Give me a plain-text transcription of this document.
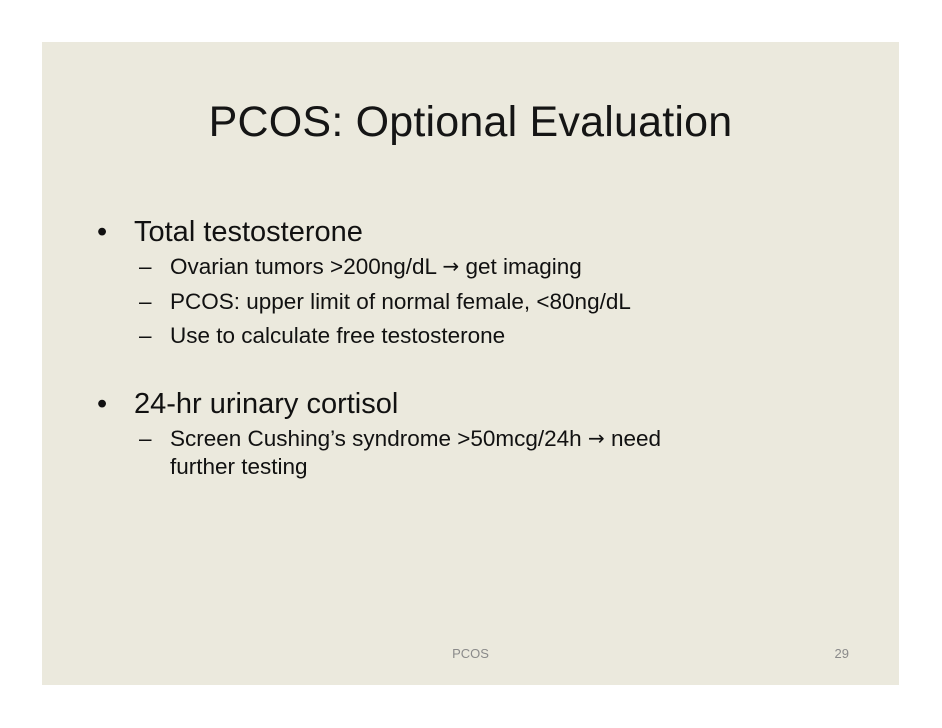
PCOS: Optional Evaluation
• Total testosterone
– Ovarian tumors >200ng/dL → get imaging
– PCOS: upper limit of normal female, <80ng/dL
– Use to calculate free testosterone
• 24-hr urinary cortisol
– Screen Cushing’s syndrome >50mcg/24h → need
further testing
PCOS	29
